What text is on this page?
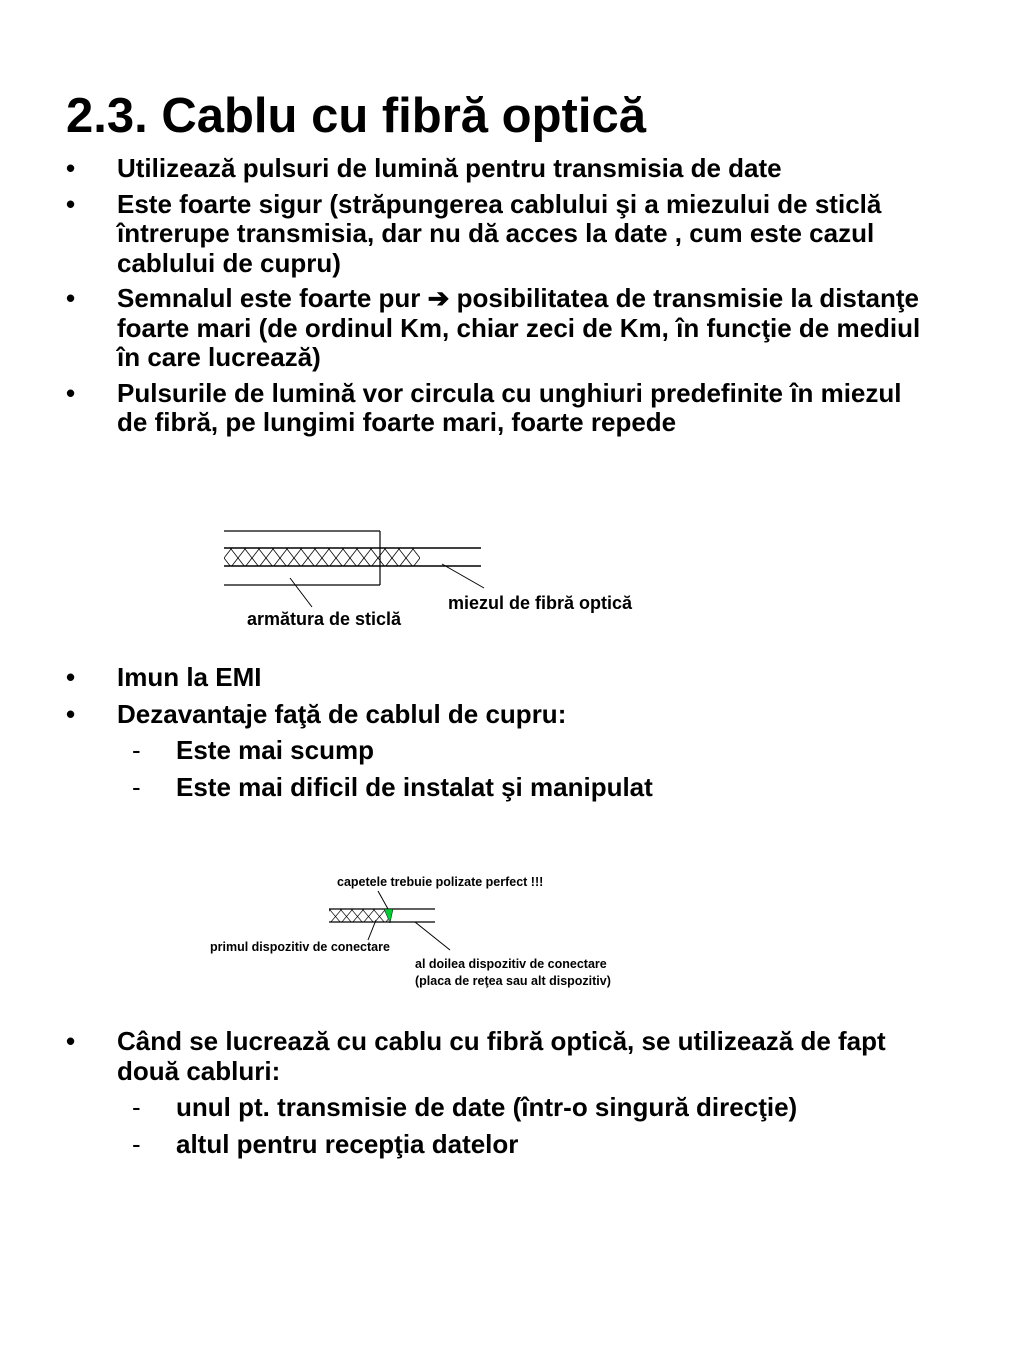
2.3. Cablu cu fibră optică
•	Utilizează pulsuri de lumină pentru transmisia de date
•	Este foarte sigur (străpungerea cablului şi a miezului de sticlă întrerupe transmisia, dar nu dă acces la date , cum este cazul cablului de cupru)
•	Semnalul este foarte pur ➔ posibilitatea de transmisie la distanţe foarte mari (de ordinul Km, chiar zeci de Km, în funcţie de mediul în care lucrează)
•	Pulsurile de lumină vor circula cu unghiuri predefinite în miezul de fibră, pe lungimi foarte mari, foarte repede
armătura de sticlă
miezul de fibră optică
capetele trebuie polizate perfect !!!
primul dispozitiv de conectare
al doilea dispozitiv de conectare
(placa de reţea sau alt dispozitiv)
•	Imun la EMI
•	Dezavantaje faţă de cablul de cupru:
-	Este mai scump
-	Este mai dificil de instalat şi manipulat
•	Când se lucrează cu cablu cu fibră optică, se utilizează de fapt două cabluri:
-	unul pt. transmisie de date (într-o singură direcţie)
-	altul pentru recepţia datelor
